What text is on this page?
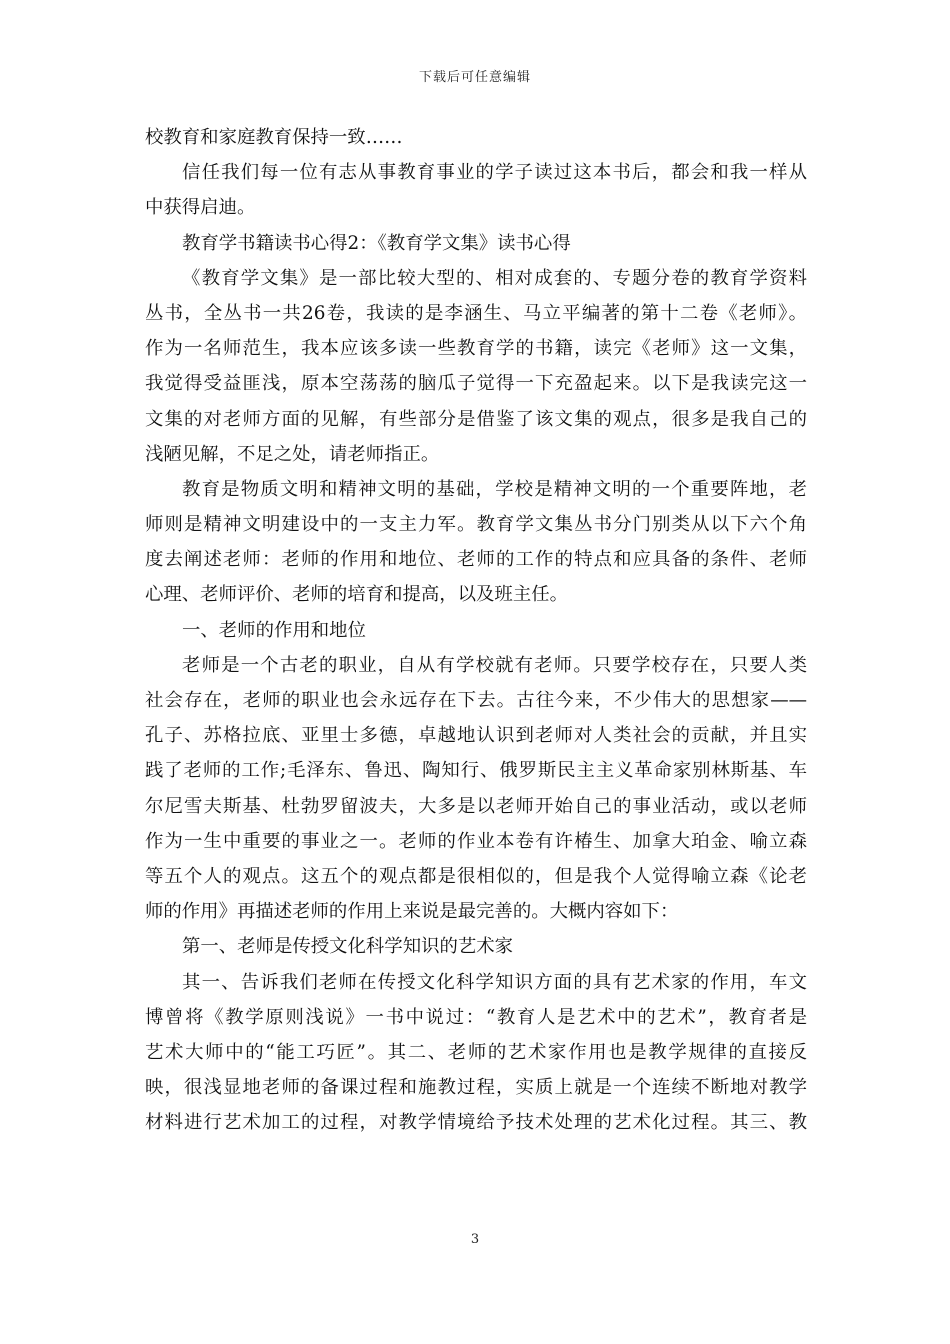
下载后可任意编辑
校教育和家庭教育保持一致……
信任我们每一位有志从事教育事业的学子读过这本书后，都会和我一样从
中获得启迪。
教育学书籍读书心得2：《教育学文集》读书心得
《教育学文集》是一部比较大型的、相对成套的、专题分卷的教育学资料
丛书，全丛书一共26卷，我读的是李涵生、马立平编著的第十二卷《老师》。
作为一名师范生，我本应该多读一些教育学的书籍，读完《老师》这一文集，
我觉得受益匪浅，原本空荡荡的脑瓜子觉得一下充盈起来。以下是我读完这一
文集的对老师方面的见解，有些部分是借鉴了该文集的观点，很多是我自己的
浅陋见解，不足之处，请老师指正。
教育是物质文明和精神文明的基础，学校是精神文明的一个重要阵地，老
师则是精神文明建设中的一支主力军。教育学文集丛书分门别类从以下六个角
度去阐述老师：老师的作用和地位、老师的工作的特点和应具备的条件、老师
心理、老师评价、老师的培育和提高，以及班主任。
一、老师的作用和地位
老师是一个古老的职业，自从有学校就有老师。只要学校存在，只要人类
社会存在，老师的职业也会永远存在下去。古往今来，不少伟大的思想家——
孔子、苏格拉底、亚里士多德，卓越地认识到老师对人类社会的贡献，并且实
践了老师的工作;毛泽东、鲁迅、陶知行、俄罗斯民主主义革命家别林斯基、车
尔尼雪夫斯基、杜勃罗留波夫，大多是以老师开始自己的事业活动，或以老师
作为一生中重要的事业之一。老师的作业本卷有许椿生、加拿大珀金、喻立森
等五个人的观点。这五个的观点都是很相似的，但是我个人觉得喻立森《论老
师的作用》再描述老师的作用上来说是最完善的。大概内容如下：
第一、老师是传授文化科学知识的艺术家
其一、告诉我们老师在传授文化科学知识方面的具有艺术家的作用，车文
博曾将《教学原则浅说》一书中说过：“教育人是艺术中的艺术”，教育者是
艺术大师中的“能工巧匠”。其二、老师的艺术家作用也是教学规律的直接反
映，很浅显地老师的备课过程和施教过程，实质上就是一个连续不断地对教学
材料进行艺术加工的过程，对教学情境给予技术处理的艺术化过程。其三、教
3
